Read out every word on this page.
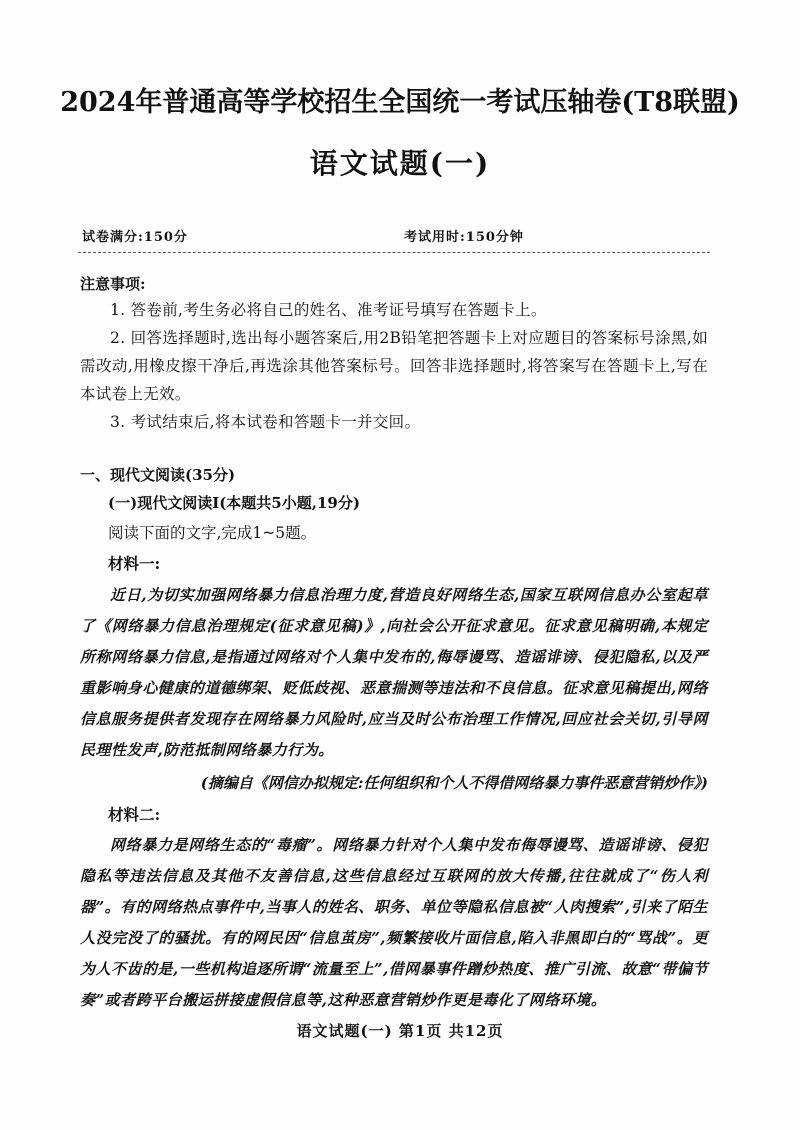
2024年普通高等学校招生全国统一考试压轴卷(T8联盟)
语文试题(一)
试卷满分:150分	考试用时:150分钟
注意事项:
1. 答卷前,考生务必将自己的姓名、准考证号填写在答题卡上。
2. 回答选择题时,选出每小题答案后,用2B铅笔把答题卡上对应题目的答案标号涂黑,如需改动,用橡皮擦干净后,再选涂其他答案标号。回答非选择题时,将答案写在答题卡上,写在本试卷上无效。
3. 考试结束后,将本试卷和答题卡一并交回。
一、现代文阅读(35分)
(一)现代文阅读Ⅰ(本题共5小题,19分)
阅读下面的文字,完成1~5题。
材料一:
近日,为切实加强网络暴力信息治理力度,营造良好网络生态,国家互联网信息办公室起草了《网络暴力信息治理规定(征求意见稿)》,向社会公开征求意见。征求意见稿明确,本规定所称网络暴力信息,是指通过网络对个人集中发布的,侮辱谩骂、造谣诽谤、侵犯隐私,以及严重影响身心健康的道德绑架、贬低歧视、恶意揣测等违法和不良信息。征求意见稿提出,网络信息服务提供者发现存在网络暴力风险时,应当及时公布治理工作情况,回应社会关切,引导网民理性发声,防范抵制网络暴力行为。
(摘编自《网信办拟规定:任何组织和个人不得借网络暴力事件恶意营销炒作》)
材料二:
网络暴力是网络生态的“毒瘤”。网络暴力针对个人集中发布侮辱谩骂、造谣诽谤、侵犯隐私等违法信息及其他不友善信息,这些信息经过互联网的放大传播,往往就成了“伤人利器”。有的网络热点事件中,当事人的姓名、职务、单位等隐私信息被“人肉搜索”,引来了陌生人没完没了的骚扰。有的网民因“信息茧房”,频繁接收片面信息,陷入非黑即白的“骂战”。更为人不齿的是,一些机构追逐所谓“流量至上”,借网暴事件蹭炒热度、推广引流、故意“带偏节奏”或者跨平台搬运拼接虚假信息等,这种恶意营销炒作更是毒化了网络环境。
语文试题(一) 第1页 共12页
